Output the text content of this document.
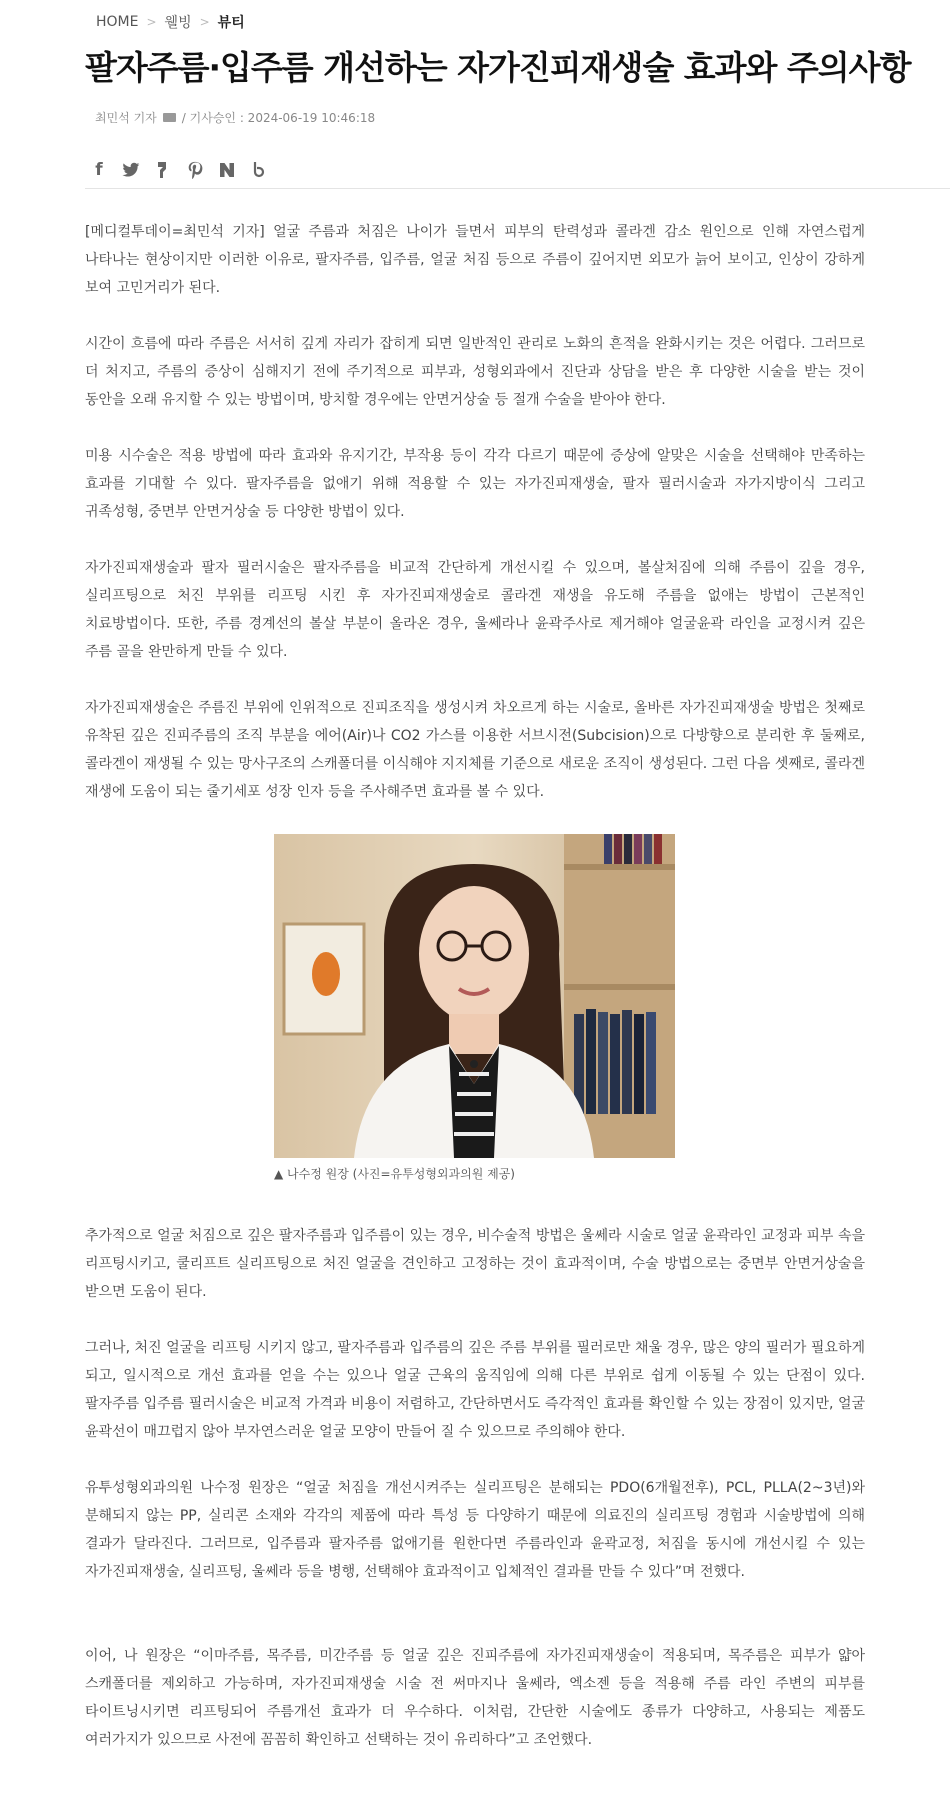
HOME > 웰빙 > 뷰티
팔자주름·입주름 개선하는 자가진피재생술 효과와 주의사항
최민석 기자 / 기사승인 : 2024-06-19 10:46:18
f

[메디컬투데이=최민석 기자] 얼굴 주름과 처짐은 나이가 들면서 피부의 탄력성과 콜라겐 감소 원인으로 인해 자연스럽게 나타나는 현상이지만 이러한 이유로, 팔자주름, 입주름, 얼굴 처짐 등으로 주름이 깊어지면 외모가 늙어 보이고, 인상이 강하게 보여 고민거리가 된다.

시간이 흐름에 따라 주름은 서서히 깊게 자리가 잡히게 되면 일반적인 관리로 노화의 흔적을 완화시키는 것은 어렵다. 그러므로 더 처지고, 주름의 증상이 심해지기 전에 주기적으로 피부과, 성형외과에서 진단과 상담을 받은 후 다양한 시술을 받는 것이 동안을 오래 유지할 수 있는 방법이며, 방치할 경우에는 안면거상술 등 절개 수술을 받아야 한다.

미용 시수술은 적용 방법에 따라 효과와 유지기간, 부작용 등이 각각 다르기 때문에 증상에 알맞은 시술을 선택해야 만족하는 효과를 기대할 수 있다. 팔자주름을 없애기 위해 적용할 수 있는 자가진피재생술, 팔자 필러시술과 자가지방이식 그리고 귀족성형, 중면부 안면거상술 등 다양한 방법이 있다.

자가진피재생술과 팔자 필러시술은 팔자주름을 비교적 간단하게 개선시킬 수 있으며, 볼살처짐에 의해 주름이 깊을 경우, 실리프팅으로 처진 부위를 리프팅 시킨 후 자가진피재생술로 콜라겐 재생을 유도해 주름을 없애는 방법이 근본적인 치료방법이다. 또한, 주름 경계선의 볼살 부분이 올라온 경우, 울쎄라나 윤곽주사로 제거해야 얼굴윤곽 라인을 교정시켜 깊은 주름 골을 완만하게 만들 수 있다.

자가진피재생술은 주름진 부위에 인위적으로 진피조직을 생성시켜 차오르게 하는 시술로, 올바른 자가진피재생술 방법은 첫째로 유착된 깊은 진피주름의 조직 부분을 에어(Air)나 CO2 가스를 이용한 서브시전(Subcision)으로 다방향으로 분리한 후 둘째로, 콜라겐이 재생될 수 있는 망사구조의 스캐폴더를 이식해야 지지체를 기준으로 새로운 조직이 생성된다. 그런 다음 셋째로, 콜라겐 재생에 도움이 되는 줄기세포 성장 인자 등을 주사해주면 효과를 볼 수 있다.

▲ 나수정 원장 (사진=유투성형외과의원 제공)

추가적으로 얼굴 처짐으로 깊은 팔자주름과 입주름이 있는 경우, 비수술적 방법은 울쎄라 시술로 얼굴 윤곽라인 교정과 피부 속을 리프팅시키고, 쿨리프트 실리프팅으로 처진 얼굴을 견인하고 고정하는 것이 효과적이며, 수술 방법으로는 중면부 안면거상술을 받으면 도움이 된다.

그러나, 처진 얼굴을 리프팅 시키지 않고, 팔자주름과 입주름의 깊은 주름 부위를 필러로만 채울 경우, 많은 양의 필러가 필요하게 되고, 일시적으로 개선 효과를 얻을 수는 있으나 얼굴 근육의 움직임에 의해 다른 부위로 쉽게 이동될 수 있는 단점이 있다. 팔자주름 입주름 필러시술은 비교적 가격과 비용이 저렴하고, 간단하면서도 즉각적인 효과를 확인할 수 있는 장점이 있지만, 얼굴 윤곽선이 매끄럽지 않아 부자연스러운 얼굴 모양이 만들어 질 수 있으므로 주의해야 한다.

유투성형외과의원 나수정 원장은 “얼굴 처짐을 개선시켜주는 실리프팅은 분해되는 PDO(6개월전후), PCL, PLLA(2~3년)와 분해되지 않는 PP, 실리콘 소재와 각각의 제품에 따라 특성 등 다양하기 때문에 의료진의 실리프팅 경험과 시술방법에 의해 결과가 달라진다. 그러므로, 입주름과 팔자주름 없애기를 원한다면 주름라인과 윤곽교정, 처짐을 동시에 개선시킬 수 있는 자가진피재생술, 실리프팅, 울쎄라 등을 병행, 선택해야 효과적이고 입체적인 결과를 만들 수 있다”며 전했다.

이어, 나 원장은 “이마주름, 목주름, 미간주름 등 얼굴 깊은 진피주름에 자가진피재생술이 적용되며, 목주름은 피부가 얇아 스캐폴더를 제외하고 가능하며, 자가진피재생술 시술 전 써마지나 울쎄라, 엑소젠 등을 적용해 주름 라인 주변의 피부를 타이트닝시키면 리프팅되어 주름개선 효과가 더 우수하다. 이처럼, 간단한 시술에도 종류가 다양하고, 사용되는 제품도 여러가지가 있으므로 사전에 꼼꼼히 확인하고 선택하는 것이 유리하다”고 조언했다.
